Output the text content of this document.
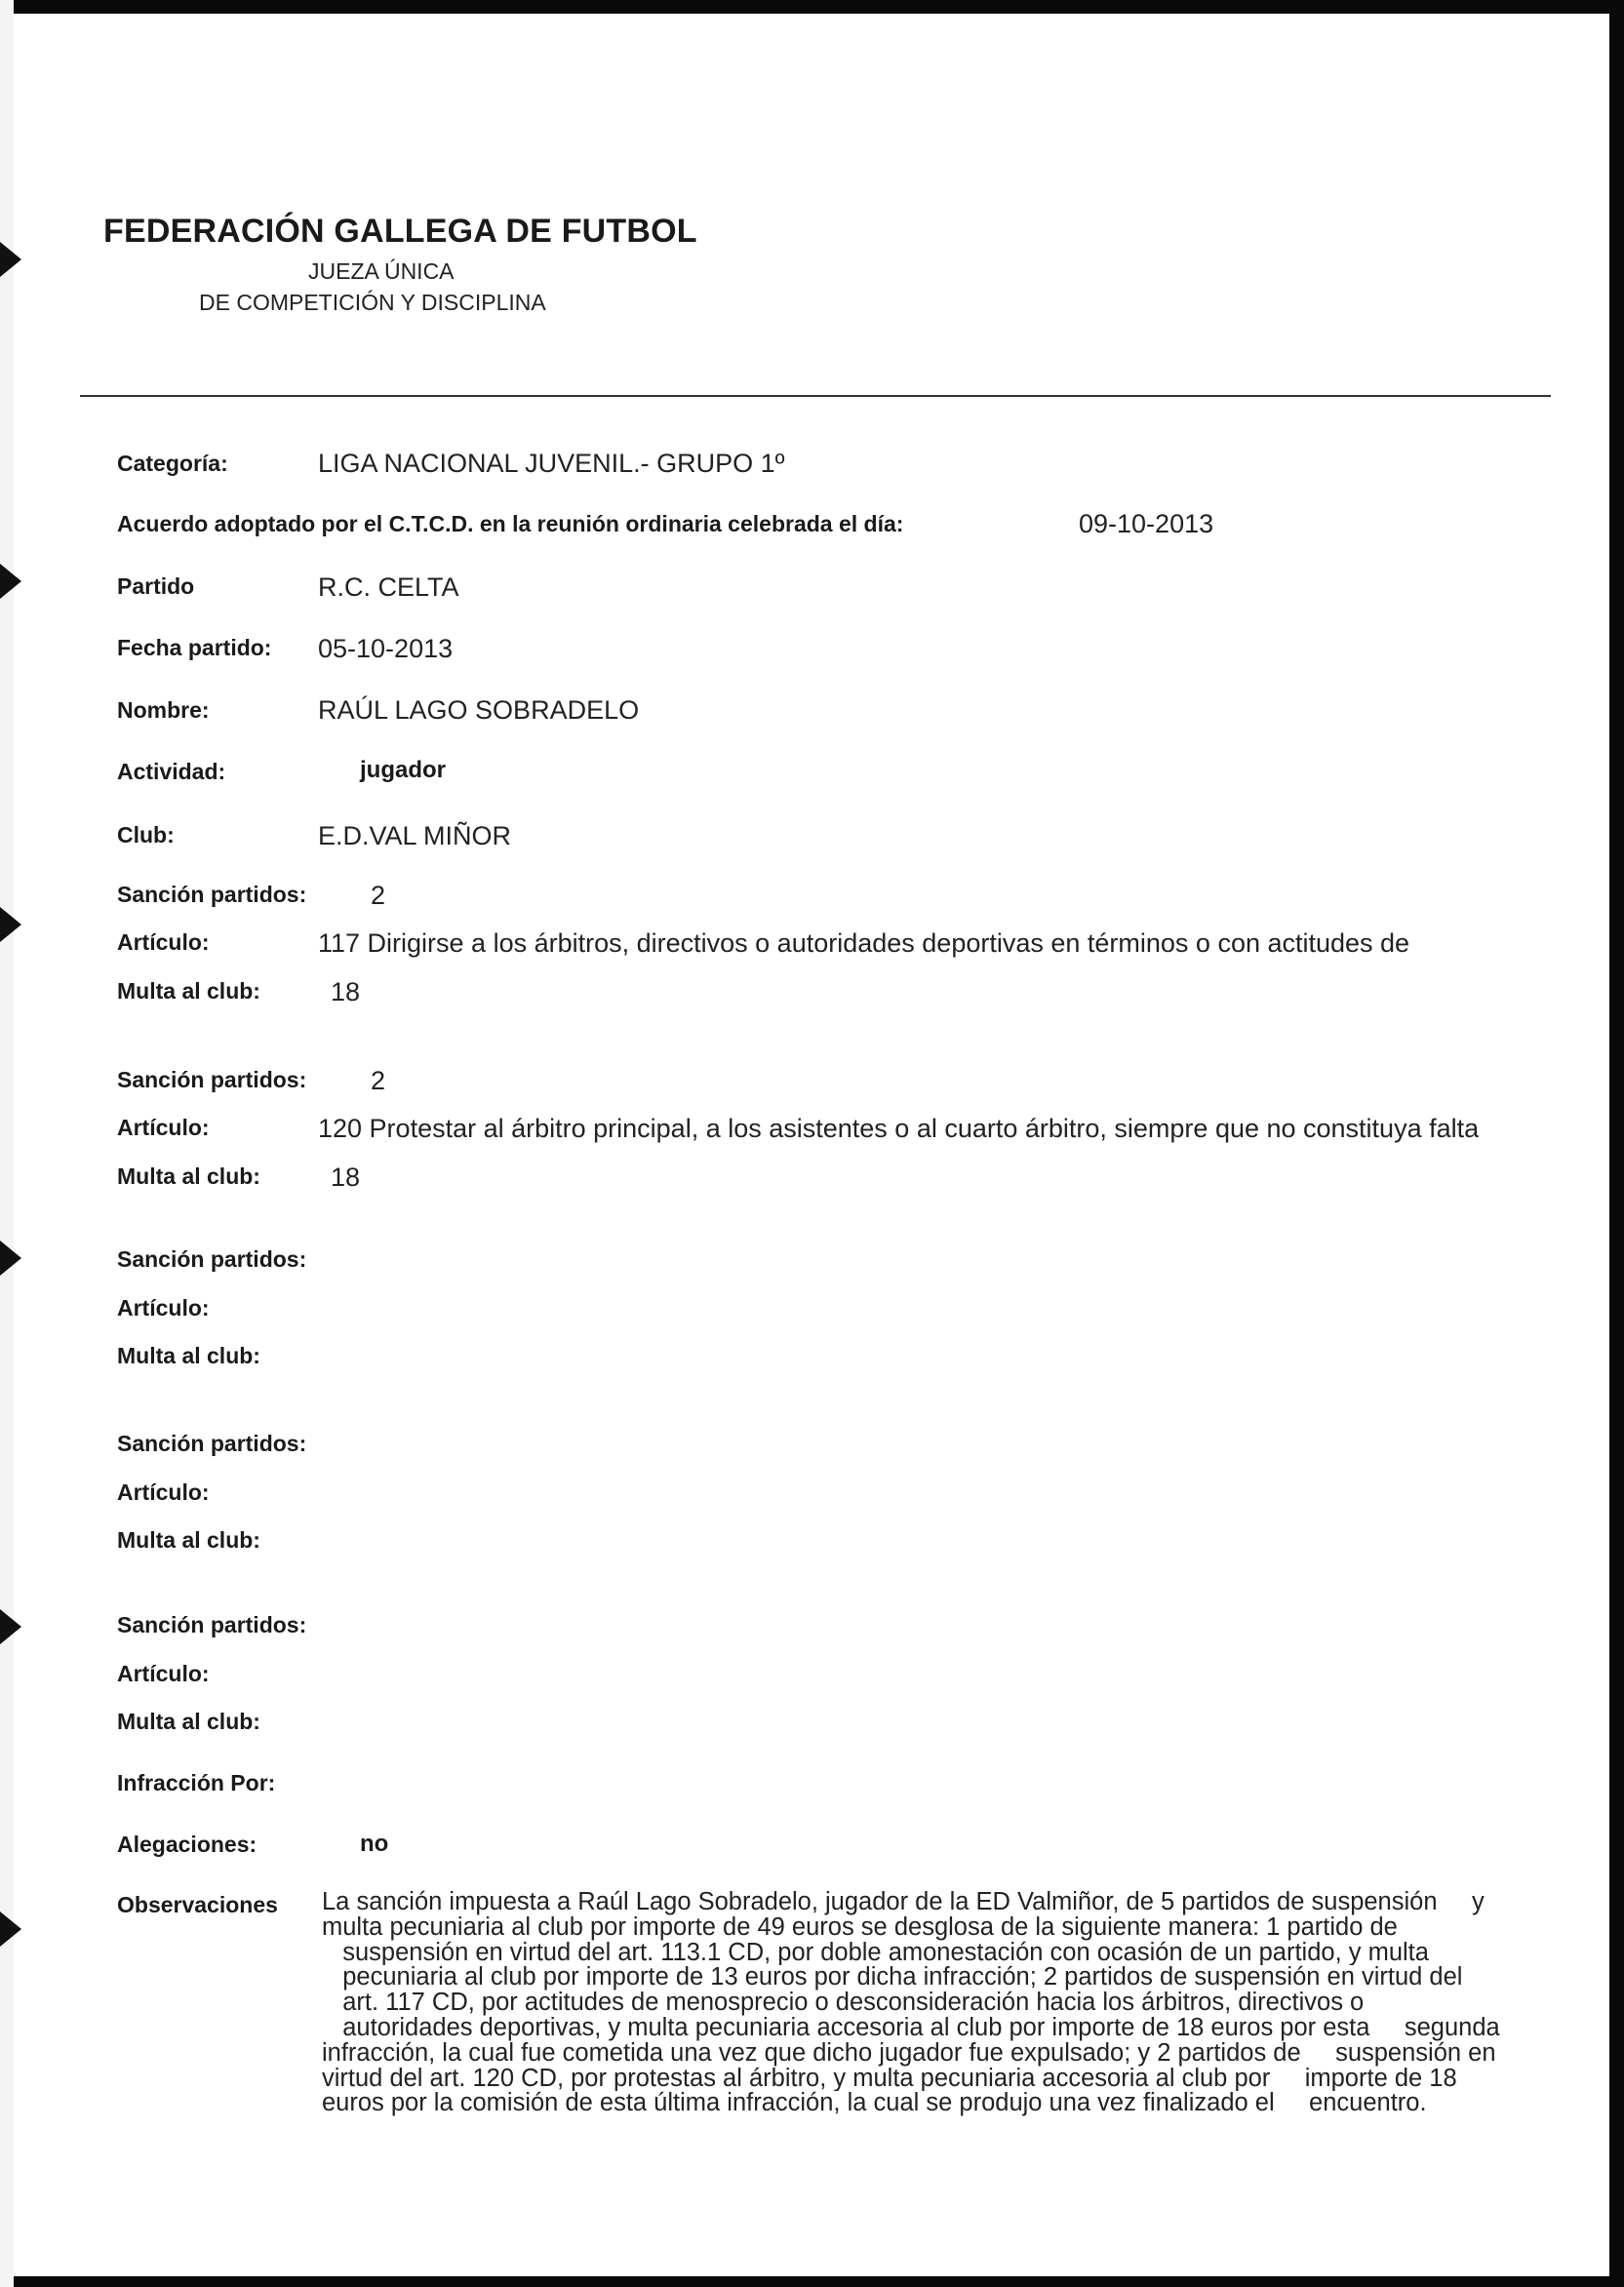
FEDERACIÓN GALLEGA DE FUTBOL
JUEZA ÚNICA
DE COMPETICIÓN Y DISCIPLINA
Categoría:	LIGA NACIONAL JUVENIL.- GRUPO 1º
Acuerdo adoptado por el C.T.C.D. en la reunión ordinaria celebrada el día:	09-10-2013
Partido	R.C. CELTA
Fecha partido: 05-10-2013
Nombre:	RAÚL LAGO SOBRADELO
Actividad:	jugador
Club:	E.D.VAL MIÑOR
Sanción partidos: 2
Artículo:	117 Dirigirse a los árbitros, directivos o autoridades deportivas en términos o con actitudes de
Multa al club:	18
Sanción partidos: 2
Artículo:	120 Protestar al árbitro principal, a los asistentes o al cuarto árbitro, siempre que no constituya falta
Multa al club:	18
Sanción partidos:
Artículo:
Multa al club:
Sanción partidos:
Artículo:
Multa al club:
Sanción partidos:
Artículo:
Multa al club:
Infracción Por:
Alegaciones:	no
Observaciones La sanción impuesta a Raúl Lago Sobradelo, jugador de la ED Valmiñor, de 5 partidos de suspensión     y
multa pecuniaria al club por importe de 49 euros se desglosa de la siguiente manera: 1 partido de
suspensión en virtud del art. 113.1 CD, por doble amonestación con ocasión de un partido, y multa
pecuniaria al club por importe de 13 euros por dicha infracción; 2 partidos de suspensión en virtud del
art. 117 CD, por actitudes de menosprecio o desconsideración hacia los árbitros, directivos o
autoridades deportivas, y multa pecuniaria accesoria al club por importe de 18 euros por esta     segunda
infracción, la cual fue cometida una vez que dicho jugador fue expulsado; y 2 partidos de     suspensión en
virtud del art. 120 CD, por protestas al árbitro, y multa pecuniaria accesoria al club por     importe de 18
euros por la comisión de esta última infracción, la cual se produjo una vez finalizado el     encuentro.
